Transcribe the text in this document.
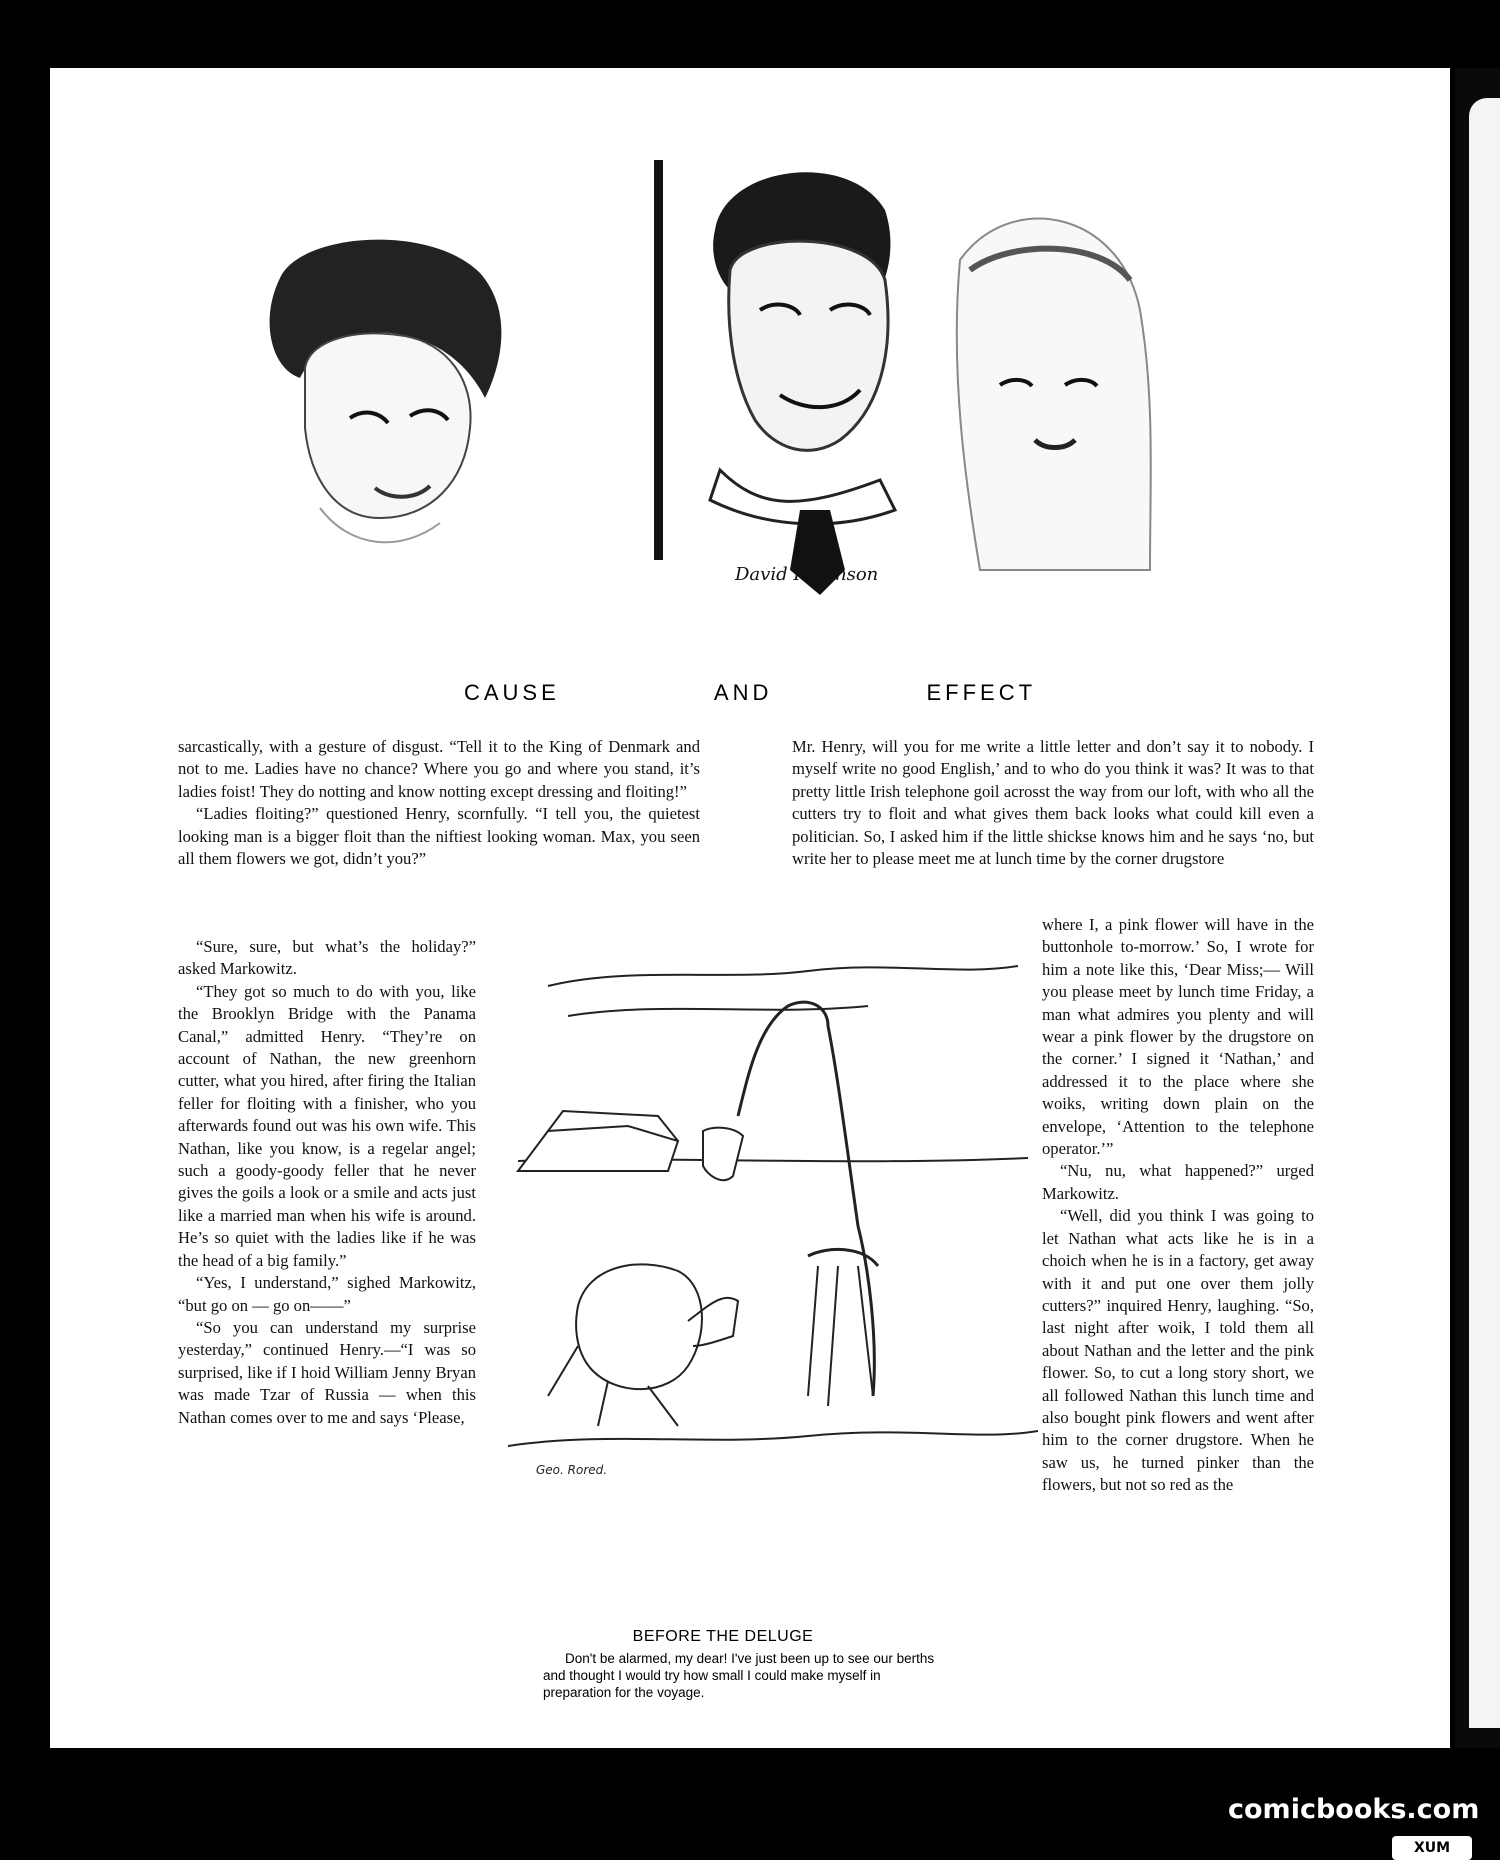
David Robinson
CAUSE	AND	EFFECT

sarcastically, with a gesture of disgust. “Tell it to the King of Denmark and not to me. Ladies have no chance? Where you go and where you stand, it’s ladies foist! They do notting and know notting except dressing and floiting!”

“Ladies floiting?” questioned Henry, scornfully. “I tell you, the quietest looking man is a bigger floit than the niftiest looking woman. Max, you seen all them flowers we got, didn’t you?”

“Sure, sure, but what’s the holiday?” asked Markowitz.

“They got so much to do with you, like the Brooklyn Bridge with the Panama Canal,” admitted Henry. “They’re on account of Nathan, the new greenhorn cutter, what you hired, after firing the Italian feller for floiting with a finisher, who you afterwards found out was his own wife. This Nathan, like you know, is a regelar angel; such a goody-goody feller that he never gives the goils a look or a smile and acts just like a married man when his wife is around. He’s so quiet with the ladies like if he was the head of a big family.”

“Yes, I understand,” sighed Markowitz, “but go on — go on——”

“So you can understand my surprise yesterday,” continued Henry.—“I was so surprised, like if I hoid William Jenny Bryan was made Tzar of Russia — when this Nathan comes over to me and says ‘Please,

Mr. Henry, will you for me write a little letter and don’t say it to nobody. I myself write no good English,’ and to who do you think it was? It was to that pretty little Irish telephone goil acrosst the way from our loft, with who all the cutters try to floit and what gives them back looks what could kill even a politician. So, I asked him if the little shickse knows him and he says ‘no, but write her to please meet me at lunch time by the corner drugstore

where I, a pink flower will have in the buttonhole to-morrow.’ So, I wrote for him a note like this, ‘Dear Miss;— Will you please meet by lunch time Friday, a man what admires you plenty and will wear a pink flower by the drugstore on the corner.’ I signed it ‘Nathan,’ and addressed it to the place where she woiks, writing down plain on the envelope, ‘Attention to the telephone operator.’”

“Nu, nu, what happened?” urged Markowitz.

“Well, did you think I was going to let Nathan what acts like he is in a choich when he is in a factory, get away with it and put one over them jolly cutters?” inquired Henry, laughing. “So, last night after woik, I told them all about Nathan and the letter and the pink flower. So, to cut a long story short, we all followed Nathan this lunch time and also bought pink flowers and went after him to the corner drugstore. When he saw us, he turned pinker than the flowers, but not so red as the

Geo. Rored.
BEFORE THE DELUGE

Don't be alarmed, my dear! I've just been up to see our berths and thought I would try how small I could make myself in preparation for the voyage.

comicbooks.com
XUM
